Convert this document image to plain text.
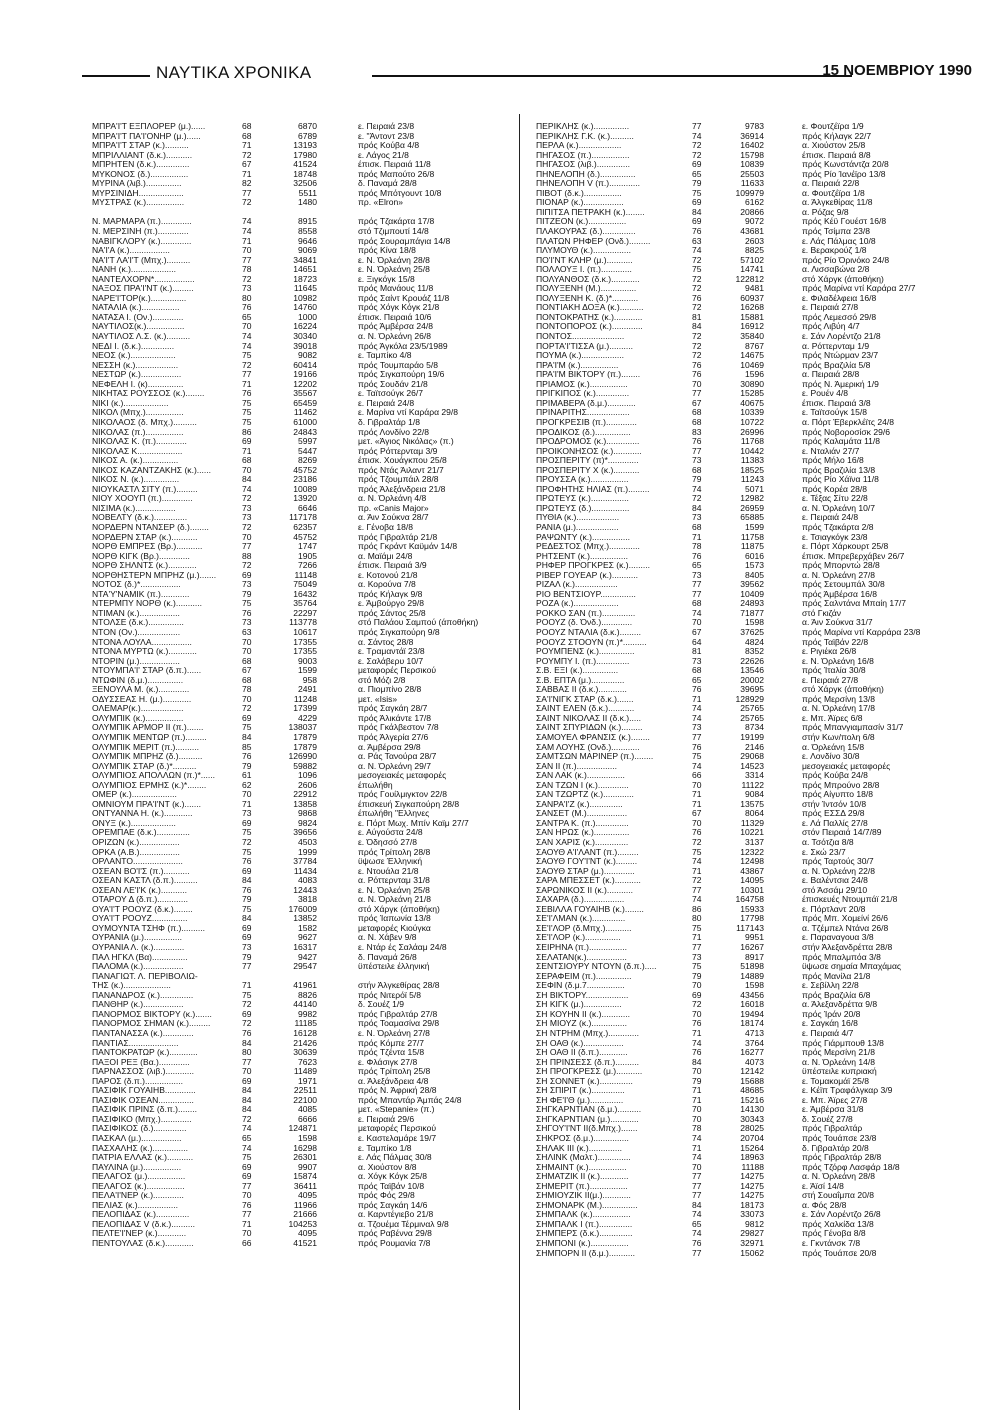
ΝΑΥΤΙΚΑ ΧΡΟΝΙΚΑ	15 ΝΟΕΜΒΡΙΟΥ 1990
ΜΠΡΑ'Ι'Τ ΕΞΠΛΟΡΕΡ (μ.)......	68	6870	ε. Πειραιά 23/8
ΜΠΡΑ'Ι'Τ ΠΑ'Ι'ΟΝΗΡ (μ.)......	68	6789	ε. "Άντοντ 23/8
ΜΠΡΑ'Ι'Τ ΣΤΑΡ (κ.)..........	71	13193	πρός Κούβα 4/8
ΜΠΡΙΛΛΙΑΝΤ (δ.κ.)...........	72	17980	ε. Λάγος 21/8
ΜΠΡΗΤΕΝ (δ.κ.)..............	67	41524	έπισκ. Πειραιά 11/8
ΜΥΚΟΝΟΣ (δ.)................	71	18748	πρός Μαπούτο 26/8
ΜΥΡΙΝΑ (λιβ.)...............	82	32506	δ. Παναμά 28/8
ΜΥΡΣΙΝΙΔΗ...................	77	5511	πρός Μπότγουντ 10/8
ΜΥΣΤΡΑΣ (κ.)................	72	1480	πρ. «Elron»
Ν. ΜΑΡΜΑΡΑ (π.).............	74	8915	πρός Τζακάρτα 17/8
Ν. ΜΕΡΣΙΝΗ (π.).............	74	8558	στό Τζιμπουτί 14/8
ΝΑΒΙΓΚΛΟΡΥ (κ.).............	71	9646	πρός Σουραμπάγια 14/8
ΝΑ'Ι'Α (κ.).................	70	9069	πρός Κίνα 18/8
ΝΑ'Ι'Τ ΛΑ'Ι'Τ (Μπχ.)..........	77	34841	ε. Ν. Όρλεάνη 28/8
ΝΑΝΗ (κ.)...................	78	14651	ε. Ν. Όρλεάνη 25/8
ΝΑΝΤΕΛΧΟΡΝ*.................	72	18723	ε. Ξιγκόγκ 15/8
ΝΑΞΟΣ ΠΡΑ'Ι'ΝΤ (κ.).........	73	11645	πρός Μανάους 11/8
ΝΑΡΕ'Ι'ΤΟΡ(κ.)...............	80	10982	πρός Σαίντ Κρουάζ 11/8
ΝΑΤΑΛΙΑ (κ.)................	76	14760	πρός Χόγκ Κόγκ 21/8
ΝΑΤΑΣΑ Ι. (Ον.).............	65	1000	έπισκ. Πειραιά 10/6
ΝΑΥΤΙΛΟΣ(κ.)................	70	16224	πρός Άμβέρσα 24/8
ΝΑΥΤΙΛΟΣ Λ.Σ. (κ.)..........	74	30340	α. Ν. Όρλεάνη 26/8
ΝΕΔΙ Ι. (δ.κ.)..............	74	39018	πρός Άγκόλα 23/5/1989
ΝΕΟΣ (κ.)...................	75	9082	ε. Ταμπίκο 4/8
ΝΕΣΣΗ (κ.)..................	72	60414	πρός Τουμπαράο 5/8
ΝΕΣΤΩΡ (κ.).................	77	19166	πρός Σιγκαπούρη 19/6
ΝΕΦΕΛΗ Ι. (κ)...............	71	12202	πρός Σουδάν 21/8
ΝΙΚΗΤΑΣ ΡΟΥΣΣΟΣ (κ.)........	76	35567	ε. Ταϊτσούγκ 26/7
ΝΙΚΙ (κ.)...................	75	65459	ε. Πειραιά 24/8
ΝΙΚΟΛ (Μπχ.)................	75	11462	ε. Μαρίνα ντί Καράρα 29/8
ΝΙΚΟΛΑΟΣ (δ. Μπχ.)..........	75	61000	δ. Γιβραλτάρ 1/8
ΝΙΚΟΛΑΣ (π.)................	86	24843	πρός Λονδίνο 22/8
ΝΙΚΟΛΑΣ Κ. (π.).............	69	5997	μετ. «Άγιος Νικόλας» (π.)
ΝΙΚΟΛΑΣ Κ...................	71	5447	πρός Ρόττερνταμ 3/9
ΝΙΚΟΣ Α. (κ.)...............	68	8269	έπισκ. Χουάγκπου 25/8
ΝΙΚΟΣ ΚΑΖΑΝΤΖΑΚΗΣ (κ.)......	70	45752	πρός Ντάς Άιλαντ 21/7
ΝΙΚΟΣ Ν. (κ.)...............	84	23186	πρός Τζουμπάιλ 28/8
ΝΙΟΥΚΑΣΤΛ ΣΙΤΥ (π.).........	74	10089	πρός Άλεξάνδρεια 21/8
ΝΙΟΥ ΧΟΟΥΠ (π.).............	72	13920	α. Ν. Όρλεάνη 4/8
ΝΙΣΙΜΑ (κ.).................	73	6646	πρ. «Canis Major»
ΝΟΒΕΛΤΥ (δ.κ.)..............	73	117178	α. Άιν Σούκνα 28/7
ΝΟΡΔΕΡΝ ΝΤΑΝΣΕΡ (δ.)........	72	62357	ε. Γένοβα 18/8
ΝΟΡΔΕΡΝ ΣΤΑΡ (κ.)...........	70	45752	πρός Γιβραλτάρ 21/8
ΝΟΡΘ ΕΜΠΡΕΣ (Βρ.)...........	77	1747	πρός Γκράντ Καϋμάν 14/8
ΝΟΡΘ ΚΙΓΚ (Βρ.).............	88	1905	α. Μαϊάμι 24/8
ΝΟΡΘ ΣΗΛΝΤΣ (κ.)............	72	7266	έπισκ. Πειραιά 3/9
ΝΟΡΘΗΣΤΕΡΝ ΜΠΡΗΖ (μ.).......	69	11148	ε. Κοτονού 21/8
ΝΟΤΟΣ (δ.)*.................	73	75049	α. Κορούνα 7/8
ΝΤΑ'Υ'ΝΑΜΙΚ (π.)............	79	16432	πρός Κήλαγκ 9/8
ΝΤΕΡΜΠΥ ΝΟΡΘ (κ.)...........	75	35764	ε. Άμβούργο 29/8
ΝΤΙΜΑΝ (κ.).................	76	22297	πρός Σάντος 25/8
ΝΤΟΛΣΕ (δ.κ.)...............	73	113778	στό Παλάου Σαμπού (άποθήκη)
ΝΤΟΝ (Ον.)..................	63	10617	πρός Σιγκαπούρη 9/8
ΝΤΟΝΑ ΛΟΥΛΑ.................	70	17355	α. Σάντος 28/8
ΝΤΟΝΑ ΜΥΡΤΩ (κ.)............	70	17355	ε. Τραμαντάϊ 23/8
ΝΤΟΡΙΝ (μ.).................	68	9003	ε. Σαλάβερυ 10/7
ΝΤΟΥΜΠΑ'Ι' ΣΤΑΡ (δ.π.)......	67	1599	μεταφορές Περσικού
ΝΤΩΦΙΝ (δ.μ.)...............	68	958	στό Μόζι 2/8
ΞΕΝΟΥΛΑ Μ. (κ.).............	78	2491	α. Πιομπίνο 28/8
ΟΔΥΣΣΕΑΣ Η. (μ.)............	70	11248	μετ. «Isis»
ΟΛΕΜΑΡ(κ.)..................	72	17399	πρός Σαγκάη 28/7
ΟΛΥΜΠΙΚ (κ.)................	69	4229	πρός Άλικάντε 17/8
ΟΛΥΜΠΙΚ ΑΡΜΟΡ ΙΙ (π.).......	75	138037	πρός Γκάλβεστον 7/8
ΟΛΥΜΠΙΚ ΜΕΝΤΩΡ (π.).........	84	17879	πρός Άλγερία 27/6
ΟΛΥΜΠΙΚ ΜΕΡΙΤ (π.)..........	85	17879	α. Άμβέρσα 29/8
ΟΛΥΜΠΙΚ ΜΠΡΗΖ (δ.)..........	76	126990	α. Ράς Τανούρα 28/7
ΟΛΥΜΠΙΚ ΣΤΑΡ (δ.)*..........	79	59882	α. Ν. Όρλεάνη 29/7
ΟΛΥΜΠΙΟΣ ΑΠΟΛΛΩΝ (π.)*......	61	1096	μεσογειακές μεταφορές
ΟΛΥΜΠΙΟΣ ΕΡΜΗΣ (κ.)*........	62	2606	έπωλήθη
ΟΜΕΡ (κ.)...................	70	22912	πρός Γουίλμιγκτον 22/8
ΟΜΝΙΟΥΜ ΠΡΑ'Ι'ΝΤ (κ.).......	71	13858	έπισκευή Σιγκαπούρη 28/8
ΟΝΤΥΑΝΝΑ Η. (κ.)............	73	9868	έπωλήθη "Ελληνες
ΟΝΥΞ (κ.)...................	69	9824	ε. Πόρτ Μωχ. Μπίν Καϊμ 27/7
ΟΡΕΜΠΑΕ (δ.κ.)..............	75	39656	ε. Αύγούστα 24/8
ΟΡΙΖΩΝ (κ.).................	72	4503	ε. Όδησσό 27/8
ΟΡΚΑ (Α.Β.).................	75	1999	πρός Τρίπολη 28/8
ΟΡΛΑΝΤΟ.....................	76	37784	ϋψωσε Έλληνική
ΟΣΕΑΝ ΒΟ'Ι'Σ (π.)...........	69	11434	ε. Ντουάλα 21/8
ΟΣΕΑΝ ΚΑΣΤΛ (δ.π.)..........	84	4083	α. Ρόττερνταμ 31/8
ΟΣΕΑΝ ΛΕ'Ι'Κ (κ.)...........	76	12443	ε. Ν. Όρλεάνη 25/8
ΟΤΑΡΟΥ Δ (δ.π.).............	79	3818	α. Ν. Όρλεάνη 21/8
ΟΥΑ'Ι'Τ ΡΟΟΥΖ (δ.κ.)........	75	176009	στό Χάργκ (άποθήκη)
ΟΥΑ'Ι'Τ ΡΟΟΥΖ...............	84	13852	πρός Ίαπωνία 13/8
ΟΥΜΟΥΝΤΑ ΤΣΗΦ (π.)..........	69	1582	μεταφορές Κιούγκα
ΟΥΡΑΝΙΑ (μ.)................	69	9627	α. Ν. Χάβεν 9/8
ΟΥΡΑΝΙΑ Λ. (κ.).............	73	16317	ε. Ντάρ ές Σαλάαμ 24/8
ΠΑΛ ΗΓΚΛ (Βα)...............	79	9427	δ. Παναμά 26/8
ΠΑΛΟΜΑ (κ.).................	77	29547	ϋπέστειλε έλληνική
ΠΑΝΑΓΙΩΤ. Λ. ΠΕΡΙΒΟΛΙΩ-
ΤΗΣ (κ.)....................	71	41961	στήν Άλγκεθίρας 28/8
ΠΑΝΑΝΔΡΟΣ (κ.)..............	75	8826	πρός Νιτερόϊ 5/8
ΠΑΝΘΗΡ (κ.).................	72	44140	δ. Σουέζ 1/9
ΠΑΝΟΡΜΟΣ ΒΙΚΤΟΡΥ (κ.).......	69	9982	πρός Γιβραλτάρ 27/8
ΠΑΝΟΡΜΟΣ ΣΗΜΑΝ (κ.).........	72	11185	πρός Τοαμασίνα 29/8
ΠΑΝΤΑΝΑΣΣΑ (κ.).............	76	16128	ε. Ν. Όρλεάνη 27/8
ΠΑΝΤΙΑΣ.....................	84	21426	πρός Κόμπε 27/7
ΠΑΝΤΟΚΡΑΤΩΡ (κ.)............	80	30639	πρός Τζέντα 15/8
ΠΑΞΟΙ ΡΕΞ (Βα.).............	77	7623	ε. Φλάσιγκ 27/8
ΠΑΡΝΑΣΣΟΣ (λιβ.)............	70	11489	πρός Τρίπολη 25/8
ΠΑΡΟΣ (δ.π.)................	69	1971	α. Άλεξάνδρεια 4/8
ΠΑΣΙΦΙΚ ΓΟΥΑΙΗΒ.............	84	22511	πρός Ν. Άφρική 28/8
ΠΑΣΙΦΙΚ ΟΣΕΑΝ...............	84	22100	πρός Μπαντάρ Άμπάς 24/8
ΠΑΣΙΦΙΚ ΠΡΙΝΣ (δ.π.)........	84	4085	μετ. «Stepanie» (π.)
ΠΑΣΙΦΙΚΟ (Μπχ.).............	72	6666	ε. Πειραιά 29/6
ΠΑΣΙΦΙΚΟΣ (δ.)..............	74	124871	μεταφορές Περσικού
ΠΑΣΚΑΛ (μ.).................	65	1598	ε. Καστελαμάρε 19/7
ΠΑΣΧΑΛΗΣ (κ.)...............	74	16298	ε. Ταμπίκο 1/8
ΠΑΤΡΙΑ ΕΛΛΑΣ (κ.)...........	75	26301	ε. Λάς Πάλμας 30/8
ΠΑΥΛΙΝΑ (μ.)................	69	9907	α. Χιούστον 8/8
ΠΕΛΑΓΟΣ (μ.)................	69	15874	α. Χόγκ Κόγκ 25/8
ΠΕΛΑΓΟΣ (κ.)................	77	36411	πρός Ταϊβάν 10/8
ΠΕΛΑ'Ι'ΝΕΡ (κ.).............	70	4095	πρός Φός 29/8
ΠΕΛΙΑΣ (κ.).................	76	11966	πρός Σαγκάη 14/6
ΠΕΛΟΠΙΔΑΣ (κ.)..............	77	21666	α. Καρντέγιεβο 21/8
ΠΕΛΟΠΙΔΑΣ V (δ.κ.)..........	71	104253	α. Τζουέμα Τέρμιναλ 9/8
ΠΕΛΤΕ'Ι'ΝΕΡ (κ.)............	70	4095	πρός Ραβέννα 29/8
ΠΕΝΤΟΥΛΑΣ (δ.κ.)............	66	41521	πρός Ρουμανία 7/8
ΠΕΡΙΚΛΗΣ (κ.)...............	77	9783	ε. Φουτζέϊρα 1/9
ΠΕΡΙΚΛΗΣ Γ.Κ. (κ.)..........	74	36914	πρός Κήλαγκ 22/7
ΠΕΡΛΑ (κ.)..................	72	16402	α. Χιούστον 25/8
ΠΗΓΑΣΟΣ (π.)................	72	15798	έπισκ. Πειραιά 8/8
ΠΗΓΑΣΟΣ (λιβ.)..............	69	10839	πρός Κωνστάντζα 20/8
ΠΗΝΕΛΟΠΗ (δ.)...............	65	25503	πρός Ρίο Ίανέϊρο 13/8
ΠΗΝΕΛΟΠΗ V (π.).............	79	11633	α. Πειραιά 22/8
ΠΙΒΟΤ (δ.κ.)................	75	109979	α. Φουτζέϊρα 1/8
ΠΙΟΝΑΡ (κ.).................	69	6162	α. Άλγκεθίρας 11/8
ΠΙΠΙΤΣΑ ΠΕΤΡΑΚΗ (κ.)........	84	20866	α. Ρόζας 9/8
ΠΙΤΖΕΟΝ (κ.)................	69	9072	πρός Κέϋ Γουέστ 16/8
ΠΛΑΚΟΥΡΑΣ (δ.)..............	76	43681	πρός Τσίμπα 23/8
ΠΛΑΤΩΝ ΡΗΦΕΡ (Ονδ.).........	63	2603	ε. Λάς Πάλμας 10/8
ΠΛΥΜΟΥΘ (κ.)................	74	8825	ε. Βερακρούζ 1/8
ΠΟ'Ι'ΝΤ ΚΛΗΡ (μ.)...........	72	57102	πρός Ρίο Όρινόκο 24/8
ΠΟΛΛΟΥΞ Ι. (π.).............	75	14741	α. Λισσαβώνα 2/8
ΠΟΛΥΑΝΘΟΣ (δ.κ.)............	72	122812	στό Χάργκ (άποθήκη)
ΠΟΛΥΞΕΝΗ (Μ.)...............	72	9481	πρός Μαρίνα ντί Καράρα 27/7
ΠΟΛΥΞΕΝΗ Κ. (δ.)*...........	76	60937	ε. Φιλαδέλφεια 16/8
ΠΟΝΤΙΑΚΗ ΔΟΞΑ (κ.)..........	72	16268	ε. Πειραιά 27/8
ΠΟΝΤΟΚΡΑΤΗΣ (κ.)............	81	15881	πρός Λεμεσσό 29/8
ΠΟΝΤΟΠΟΡΟΣ (κ.).............	84	16912	πρός Λιβύη 4/7
ΠΟΝΤΟΣ......................	72	35840	ε. Σάν Λορέντζο 21/8
ΠΟΡΤΑ'Ι'ΤΙΣΣΑ (μ.)..........	72	8767	α. Ρόττερνταμ 1/9
ΠΟΥΜΑ (κ.)..................	72	14675	πρός Ντώρμαν 23/7
ΠΡΑ'Ι'Μ (κ.)................	76	10469	πρός Βραζιλία 5/8
ΠΡΑ'Ι'Μ ΒΙΚΤΟΡΥ (π.)........	76	1596	α. Πειραιά 28/8
ΠΡΙΑΜΟΣ (κ.)................	70	30890	πρός Ν. Άμερική 1/9
ΠΡΙΓΚΙΠΟΣ (κ.)..............	77	15285	ε. Ρουέν 4/8
ΠΡΙΜΑΒΕΡΑ (δ.μ.)............	67	40675	έπισκ. Πειραιά 3/8
ΠΡΙΝΑΡΙΤΗΣ..................	68	10339	ε. Ταϊτσούγκ 15/8
ΠΡΟΓΚΡΕΣΙΒ (π.).............	68	10722	α. Πόρτ Έβερκλέϊτς 24/8
ΠΡΟΔΙΚΟΣ (δ.)...............	83	26996	πρός Νοβοροσίσκ 29/6
ΠΡΟΔΡΟΜΟΣ (κ.)..............	76	11768	πρός Καλαμάτα 11/8
ΠΡΟΙΚΟΝΗΣΟΣ (κ.)............	77	10442	ε. Νταλιάν 27/7
ΠΡΟΣΠΕΡΙΤΥ (π)*.............	73	11383	πρός Μήλο 16/8
ΠΡΟΣΠΕΡΙΤΥ Χ (κ.)...........	68	18525	πρός Βραζιλία 13/8
ΠΡΟΥΣΣΑ (κ.)................	79	11243	πρός Ρίο Χάϊνα 11/8
ΠΡΟΦΗΤΗΣ ΗΛΙΑΣ (π.).........	74	5071	πρός Κορέα 28/8
ΠΡΩΤΕΥΣ (κ.)................	72	12982	ε. Τέξας Σίτυ 22/8
ΠΡΩΤΕΥΣ (δ.)................	84	26959	α. Ν. Όρλεάνη 10/7
ΠΥΘΙΑ (κ.)..................	73	65885	ε. Πειραιά 24/8
ΡΑΝΙΑ (μ.)..................	68	1599	πρός Τζακάρτα 2/8
ΡΑΨΩΝΤΥ (κ.)................	71	11758	ε. Τσιαγκόγκ 23/8
ΡΕΔΕΣΤΟΣ (Μπχ.).............	78	11875	ε. Πόρτ Χάρκουρτ 25/8
ΡΗΤΣΕΝΤ (κ.)................	76	6016	έπισκ. Μπρεβερχάβεν 26/7
ΡΗΦΕΡ ΠΡΟΓΚΡΕΣ (κ.).........	65	1573	πρός Μπορντώ 28/8
ΡΙΒΕΡ ΓΟΥΕΑΡ (κ.)...........	73	8405	α. Ν. Όρλεάνη 27/8
ΡΙΖΑΛ (κ.)..................	77	39562	πρός Σετουμπάλ 30/8
ΡΙΟ ΒΕΝΤΣΙΟΥΡ...............	77	10409	πρός Άμβέρσα 16/8
ΡΟΖΑ (κ.)...................	68	24893	πρός Σαλντάνα Μπαίη 17/7
ΡΟΚΚΟ ΣΑΝ (π.)..............	74	71877	στό Γκιζάν
ΡΟΟΥΖ (δ. Όνδ.).............	70	1598	α. Άιν Σούκνα 31/7
ΡΟΟΥΖ ΝΤΑΛΙΑ (δ.κ.).........	67	37625	πρός Μαρίνα ντί Καρράρα 23/8
ΡΟΟΥΖ ΣΤΟΟΥΝ (π.)*..........	64	4824	πρός Ταϊβάν 22/8
ΡΟΥΜΠΕΝΣ (κ.)...............	81	8352	ε. Ριγιέκα 26/8
ΡΟΥΜΠΥ Ι. (π.)..............	73	22626	ε. Ν. Όρλεάνη 16/8
Σ.Β. ΕΞΙ (κ.)...............	68	13546	πρός Ίταλία 30/8
Σ.Β. ΕΠΤΑ (μ.)..............	65	20002	ε. Πειραιά 27/8
ΣΑΒΒΑΣ ΙΙ (δ.κ.)............	76	39695	στό Χάργκ (άποθήκη)
ΣΑ'Ι'ΝΙΓΚ ΣΤΑΡ (δ.κ.).......	71	128929	πρός Μερσίνη 13/8
ΣΑΙΝΤ ΕΛΕΝ (δ.κ.)...........	74	25765	α. Ν. Όρλεάνη 17/8
ΣΑΙΝΤ ΝΙΚΟΛΑΣ ΙΙ (δ.κ.).....	74	25765	ε. Μπ. Άϊρες 6/8
ΣΑΙΝΤ ΣΠΥΡΙΔΩΝ (κ.).........	73	8734	πρός Μπανγιαμπασίν 31/7
ΣΑΜΟΥΕΛ ΦΡΑΝΣΙΣ (κ.)........	77	19199	στήν Κων/πολη 6/8
ΣΑΜ ΛΟΥΗΣ (Ονδ.)............	76	2146	α. Όρλεάνη 15/8
ΣΑΜΤΣΩΝ ΜΑΡΙΝΕΡ (π.)........	75	29068	ε. Λονδίνο 30/8
ΣΑΝ ΙΙ (π.).................	74	14523	μεσογειακές μεταφορές
ΣΑΝ ΛΑΚ (κ.)................	66	3314	πρός Κούβα 24/8
ΣΑΝ ΤΖΩΝ Ι (κ.).............	70	11122	πρός Μπρούνο 28/8
ΣΑΝ ΤΖΩΡΤΖ (κ.).............	71	9084	πρός Αίγυπτο 18/8
ΣΑΝΡΑ'Ι'Ζ (κ.)..............	71	13575	στήν Ίντσόν 10/8
ΣΑΝΣΕΤ (Μ.).................	67	8064	πρός ΕΣΣΔ 29/8
ΣΑΝΤΡΑ Κ. (π.)..............	70	11329	ε. Λά Παλλίς 27/8
ΣΑΝ ΗΡΩΣ (κ.)...............	76	10221	στόν Πειραιά 14/7/89
ΣΑΝ ΧΑΡΙΣ (κ.)..............	72	3137	α. Τσότζια 8/8
ΣΑΟΥΘ Α'Ι'ΛΑΝΤ (π.).........	75	12322	ε. Σκώ 23/7
ΣΑΟΥΘ ΓΟΥ'Ι'ΝΤ (κ.).........	74	12498	πρός Ταρτούς 30/7
ΣΑΟΥΘ ΣΤΑΡ (μ.).............	71	43867	α. Ν. Όρλεάνη 22/8
ΣΑΡΑ ΜΠΕΣΣΕΤ (κ.)...........	72	14095	ε. Βαλέντσια 24/8
ΣΑΡΩΝΙΚΟΣ ΙΙ (κ.)...........	77	10301	στό Άσσάμ 29/10
ΣΑΧΑΡΑ (δ.).................	74	164758	έπισκευές Ντουμπάϊ 21/8
ΣΕΒΙΛΛΑ ΓΟΥΑΙΗΒ (κ.)........	86	15933	ε. Πόρτλαντ 20/8
ΣΕ'Ι'ΛΜΑΝ (κ.)..............	80	17798	πρός Μπ. Χομείνί 26/6
ΣΕ'Ι'ΛΟΡ (δ.Μπχ.)...........	75	117143	α. Τζέμπελ Ντάνα 26/8
ΣΕ'Ι'ΛΟΡ (κ.)...............	71	9951	ε. Παραναγουα 3/8
ΣΕΙΡΗΝΑ (π.)................	77	16267	στήν Άλεξανδρέττα 28/8
ΣΕΛΑΤΑΝ(κ.).................	73	8917	πρός Μπαλμπόα 3/8
ΣΕΝΤΣΙΟΥΡΥ ΝΤΟΥΝ (δ.π.).....	75	51898	ϋψωσε σημαία Μπαχάμας
ΣΕΡΑΦΕΙΜ (π.)...............	79	14889	πρός Μανίλα 21/8
ΣΕΦΙΝ (δ.μ.7................	70	1598	ε. Σεβίλλη 22/8
ΣΗ ΒΙΚΤΟΡΥ..................	69	43456	πρός Βραζιλία 6/8
ΣΗ ΚΙΓΚ (μ.)................	72	16018	α. Άλεξανδρέττα 9/8
ΣΗ ΚΟΥΗΝ ΙΙ (κ.)............	70	19494	πρός Ίράν 20/8
ΣΗ ΜΙΟΥΖ (κ.)...............	76	18174	ε. Σαγκάη 16/8
ΣΗ ΝΤΡΗΜ (Μπχ.).............	71	4713	ε. Πειραιά 4/7
ΣΗ ΟΑΘ (κ.).................	74	3764	πρός Γιάρμπουθ 13/8
ΣΗ ΟΑΘ ΙΙ (δ.π.)............	76	16277	πρός Μερσίνη 21/8
ΣΗ ΠΡΙΝΣΕΣΣ (δ.π.)..........	84	4073	α. Ν. Όρλεάνη 14/8
ΣΗ ΠΡΟΓΚΡΕΣΣ (μ.)...........	70	12142	ϋπέστειλε κυπριακή
ΣΗ ΣΟΝΝΕΤ (κ.)..............	79	15688	ε. Τομακομάϊ 25/8
ΣΗ ΣΠΙΡΙΤ (κ.)..............	71	48685	ε. Κέϊπ Τραφάλγκαρ 3/9
ΣΗ ΦΕ'Ι'Θ (μ.)..............	71	15216	ε. Μπ. Άϊρες 27/8
ΣΗΓΚΑΡΝΤΙΑΝ (δ.μ.)..........	70	14130	ε. Άμβέρσα 31/8
ΣΗΓΚΑΡΝΤΙΑΝ (μ.)............	70	30343	δ. Σουέζ 27/8
ΣΗΓΟΥ'Ι'ΝΤ ΙΙ(δ.Μπχ.).......	78	28025	πρός Γιβραλτάρ
ΣΗΚΡΟΣ (δ.μ.)...............	74	20704	πρός Τουάπσε 23/8
ΣΗΛΑΚ ΙΙΙ (κ.)..............	71	15264	δ. Γιβραλτάρ 20/8
ΣΗΛΙΝΚ (Μαλτ.)..............	74	18963	πρός Γιβραλτάρ 28/8
ΣΗΜΑΙΝΤ (κ.)................	70	11188	πρός Τζόρφ Λασφάρ 18/8
ΣΗΜΑΤΖΙΚ ΙΙ (κ.)............	77	14275	α. Ν. Όρλεάνη 28/8
ΣΗΜΕΡΙΤ (π.)................	77	14275	ε. Άϊσί 14/8
ΣΗΜΙΟΥΖΙΚ ΙΙ(μ.)............	77	14275	στή Σουαΐμπα 20/8
ΣΗΜΟΝΑΡΚ (Μ.)...............	84	18173	α. Φός 28/8
ΣΗΜΠΑΛΚ (κ.)................	74	33073	ε. Σάν Λορέντζο 26/8
ΣΗΜΠΑΛΚ Ι (π.)..............	65	9812	πρός Χαλκίδα 13/8
ΣΗΜΠΕΡΣ (δ.κ.)..............	74	29827	πρός Γένοβα 8/8
ΣΗΜΠΟΝΙ (κ.)................	76	32971	ε. Γκντάνσκ 7/8
ΣΗΜΠΟΡΝ ΙΙ (δ.μ.)...........	77	15062	πρός Τουάπσε 20/8
